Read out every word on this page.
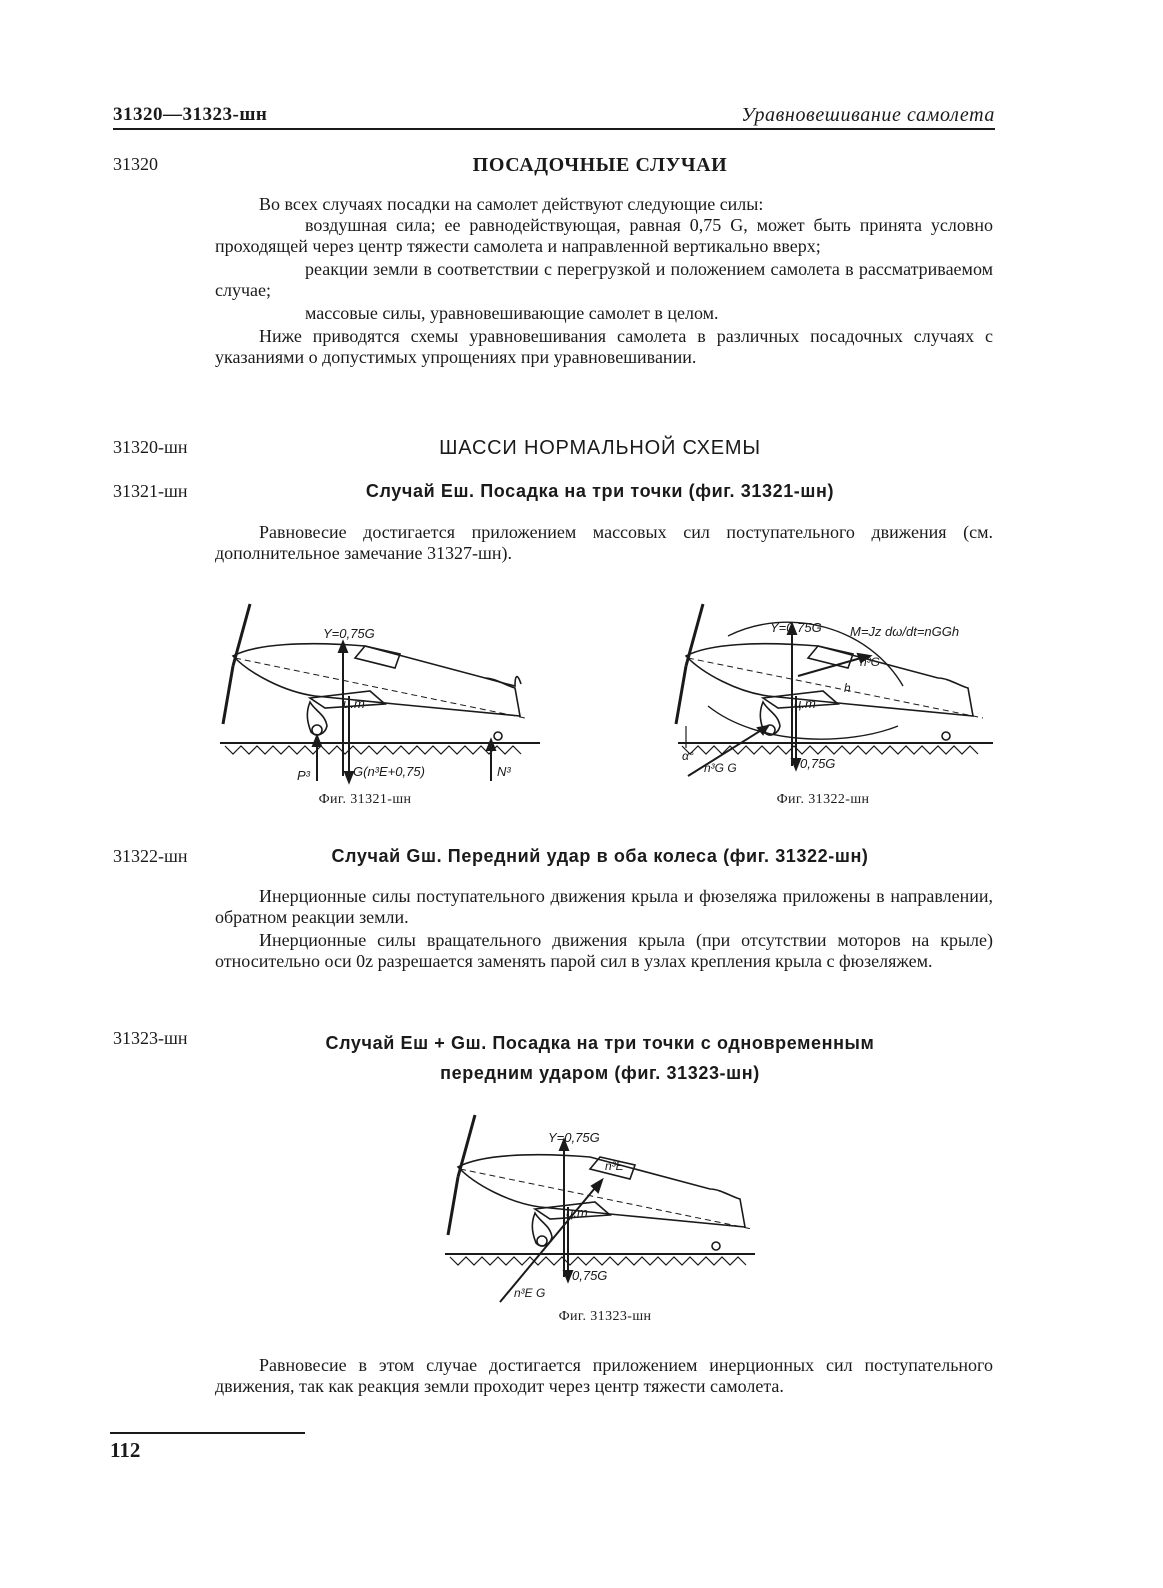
31320—31323-шн	Уравновешивание самолета
31320	ПОСАДОЧНЫЕ СЛУЧАИ

Во всех случаях посадки на самолет действуют следующие силы:

воздушная сила; ее равнодействующая, равная 0,75 G, может быть принята условно проходящей через центр тяжести самолета и направленной вертикально вверх;

реакции земли в соответствии с перегрузкой и положением самолета в рассматриваемом случае;

массовые силы, уравновешивающие самолет в целом.

Ниже приводятся схемы уравновешивания самолета в различных посадочных случаях с указаниями о допустимых упрощениях при уравновешивании.

31320-шн	ШАССИ НОРМАЛЬНОЙ СХЕМЫ
31321-шн	Случай Eш. Посадка на три точки (фиг. 31321-шн)

Равновесие достигается приложением массовых сил поступательного движения (см. дополнительное замечание 31327-шн).

Y=0,75G
ц.т
P³	G(n³E+0,75)	N³
Фиг. 31321-шн
Y=0,75G M=Jz dω/dt=nGGh
n³G
ц.т
h
α°
n³G G	0,75G
Фиг. 31322-шн
31322-шн	Случай Gш. Передний удар в оба колеса (фиг. 31322-шн)

Инерционные силы поступательного движения крыла и фюзеляжа приложены в направлении, обратном реакции земли.

Инерционные силы вращательного движения крыла (при отсутствии моторов на крыле) относительно оси 0z разрешается заменять парой сил в узлах крепления крыла с фюзеляжем.

31323-шн	Случай Eш + Gш. Посадка на три точки с одновременным
передним ударом (фиг. 31323-шн)
Y=0,75G
n³E
ц.т
0,75G
n³E G
Фиг. 31323-шн

Равновесие в этом случае достигается приложением инерционных сил поступательного движения, так как реакция земли проходит через центр тяжести самолета.

112
